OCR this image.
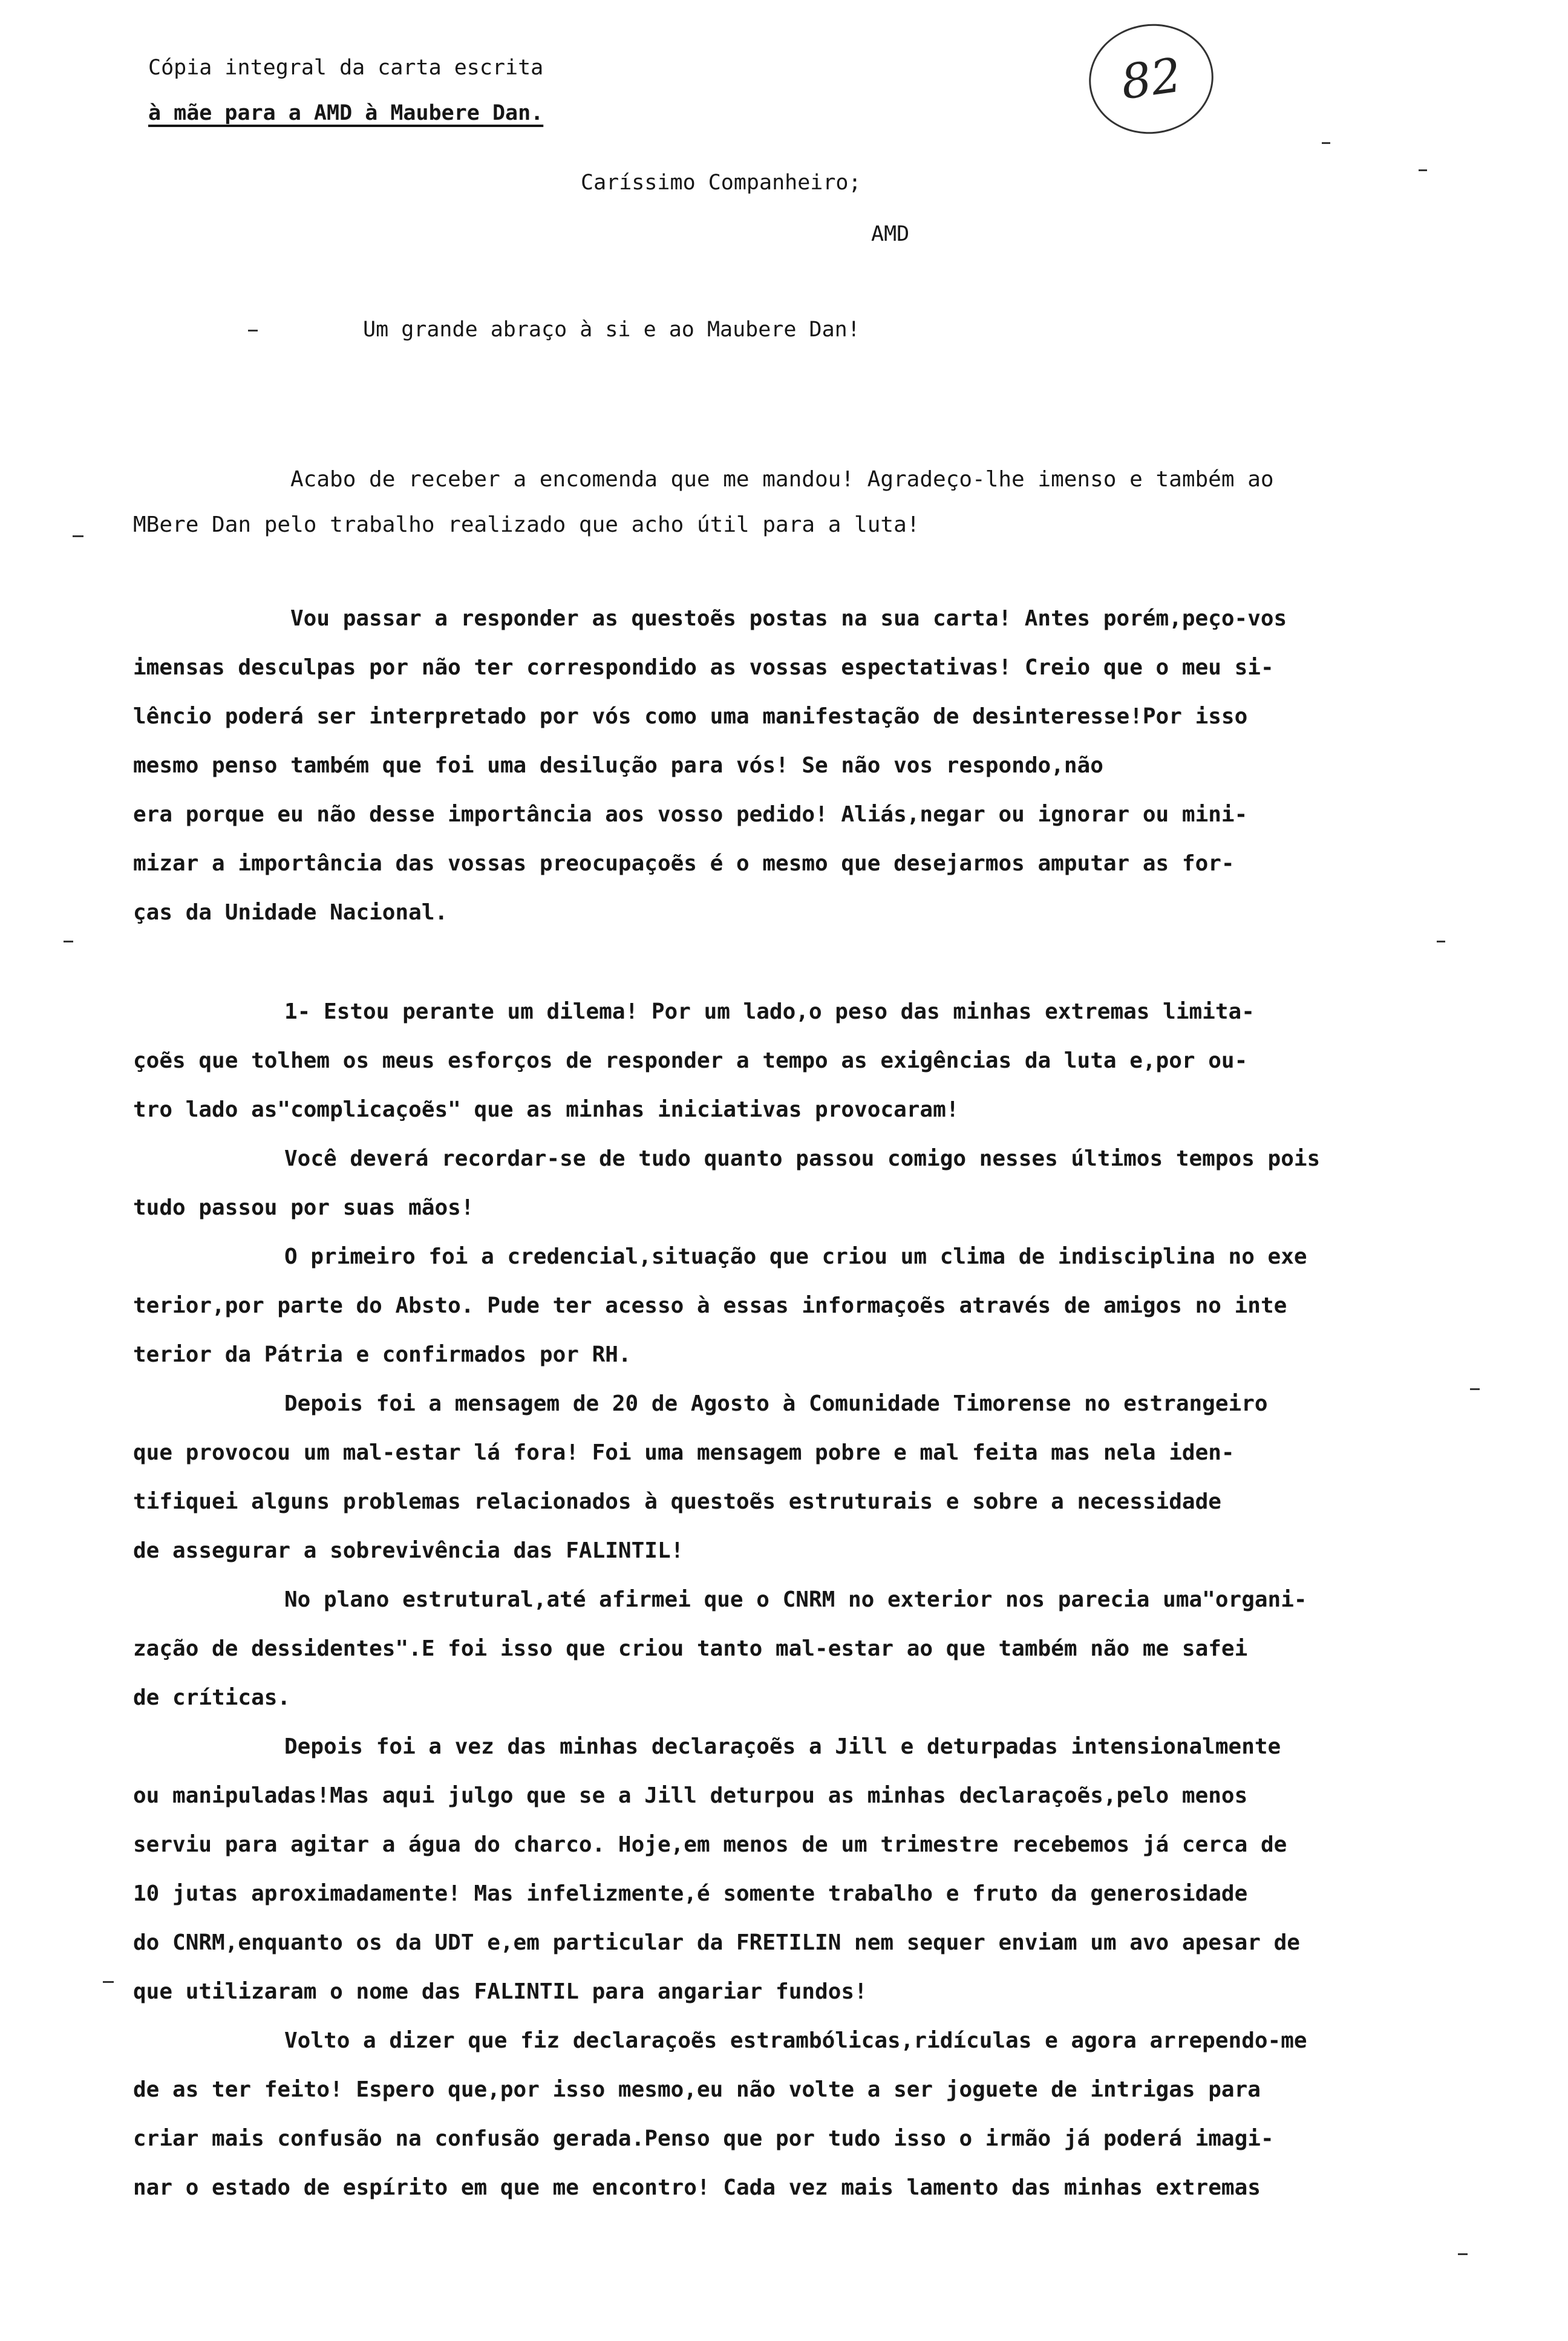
Cópia integral da carta escrita
à mãe para a AMD à Maubere Dan.
82
Caríssimo Companheiro;
AMD
Um grande abraço à si e ao Maubere Dan!
Acabo de receber a encomenda que me mandou! Agradeço-lhe imenso e também ao
MBere Dan pelo trabalho realizado que acho útil para a luta!
Vou passar a responder as questoẽs postas na sua carta! Antes porém,peço-vos
imensas desculpas por não ter correspondido as vossas espectativas! Creio que o meu si-
lêncio poderá ser interpretado por vós como uma manifestação de desinteresse!Por isso
mesmo penso também que foi uma desilução para vós! Se não vos respondo,não
era porque eu não desse importância aos vosso pedido! Aliás,negar ou ignorar ou mini-
mizar a importância das vossas preocupaçoẽs é o mesmo que desejarmos amputar as for-
ças da Unidade Nacional.
1- Estou perante um dilema! Por um lado,o peso das minhas extremas limita-
çoẽs que tolhem os meus esforços de responder a tempo as exigências da luta e,por ou-
tro lado as"complicaçoẽs" que as minhas iniciativas provocaram!
Você deverá recordar-se de tudo quanto passou comigo nesses últimos tempos pois
tudo passou por suas mãos!
O primeiro foi a credencial,situação que criou um clima de indisciplina no exe
terior,por parte do Absto. Pude ter acesso à essas informaçoẽs através de amigos no inte
terior da Pátria e confirmados por RH.
Depois foi a mensagem de 20 de Agosto à Comunidade Timorense no estrangeiro
que provocou um mal-estar lá fora! Foi uma mensagem pobre e mal feita mas nela iden-
tifiquei alguns problemas relacionados à questoẽs estruturais e sobre a necessidade
de assegurar a sobrevivência das FALINTIL!
No plano estrutural,até afirmei que o CNRM no exterior nos parecia uma"organi-
zação de dessidentes".E foi isso que criou tanto mal-estar ao que também não me safei
de críticas.
Depois foi a vez das minhas declaraçoẽs a Jill e deturpadas intensionalmente
ou manipuladas!Mas aqui julgo que se a Jill deturpou as minhas declaraçoẽs,pelo menos
serviu para agitar a água do charco. Hoje,em menos de um trimestre recebemos já cerca de
10 jutas aproximadamente! Mas infelizmente,é somente trabalho e fruto da generosidade
do CNRM,enquanto os da UDT e,em particular da FRETILIN nem sequer enviam um avo apesar de
que utilizaram o nome das FALINTIL para angariar fundos!
Volto a dizer que fiz declaraçoẽs estrambólicas,ridículas e agora arrependo-me
de as ter feito! Espero que,por isso mesmo,eu não volte a ser joguete de intrigas para
criar mais confusão na confusão gerada.Penso que por tudo isso o irmão já poderá imagi-
nar o estado de espírito em que me encontro! Cada vez mais lamento das minhas extremas
